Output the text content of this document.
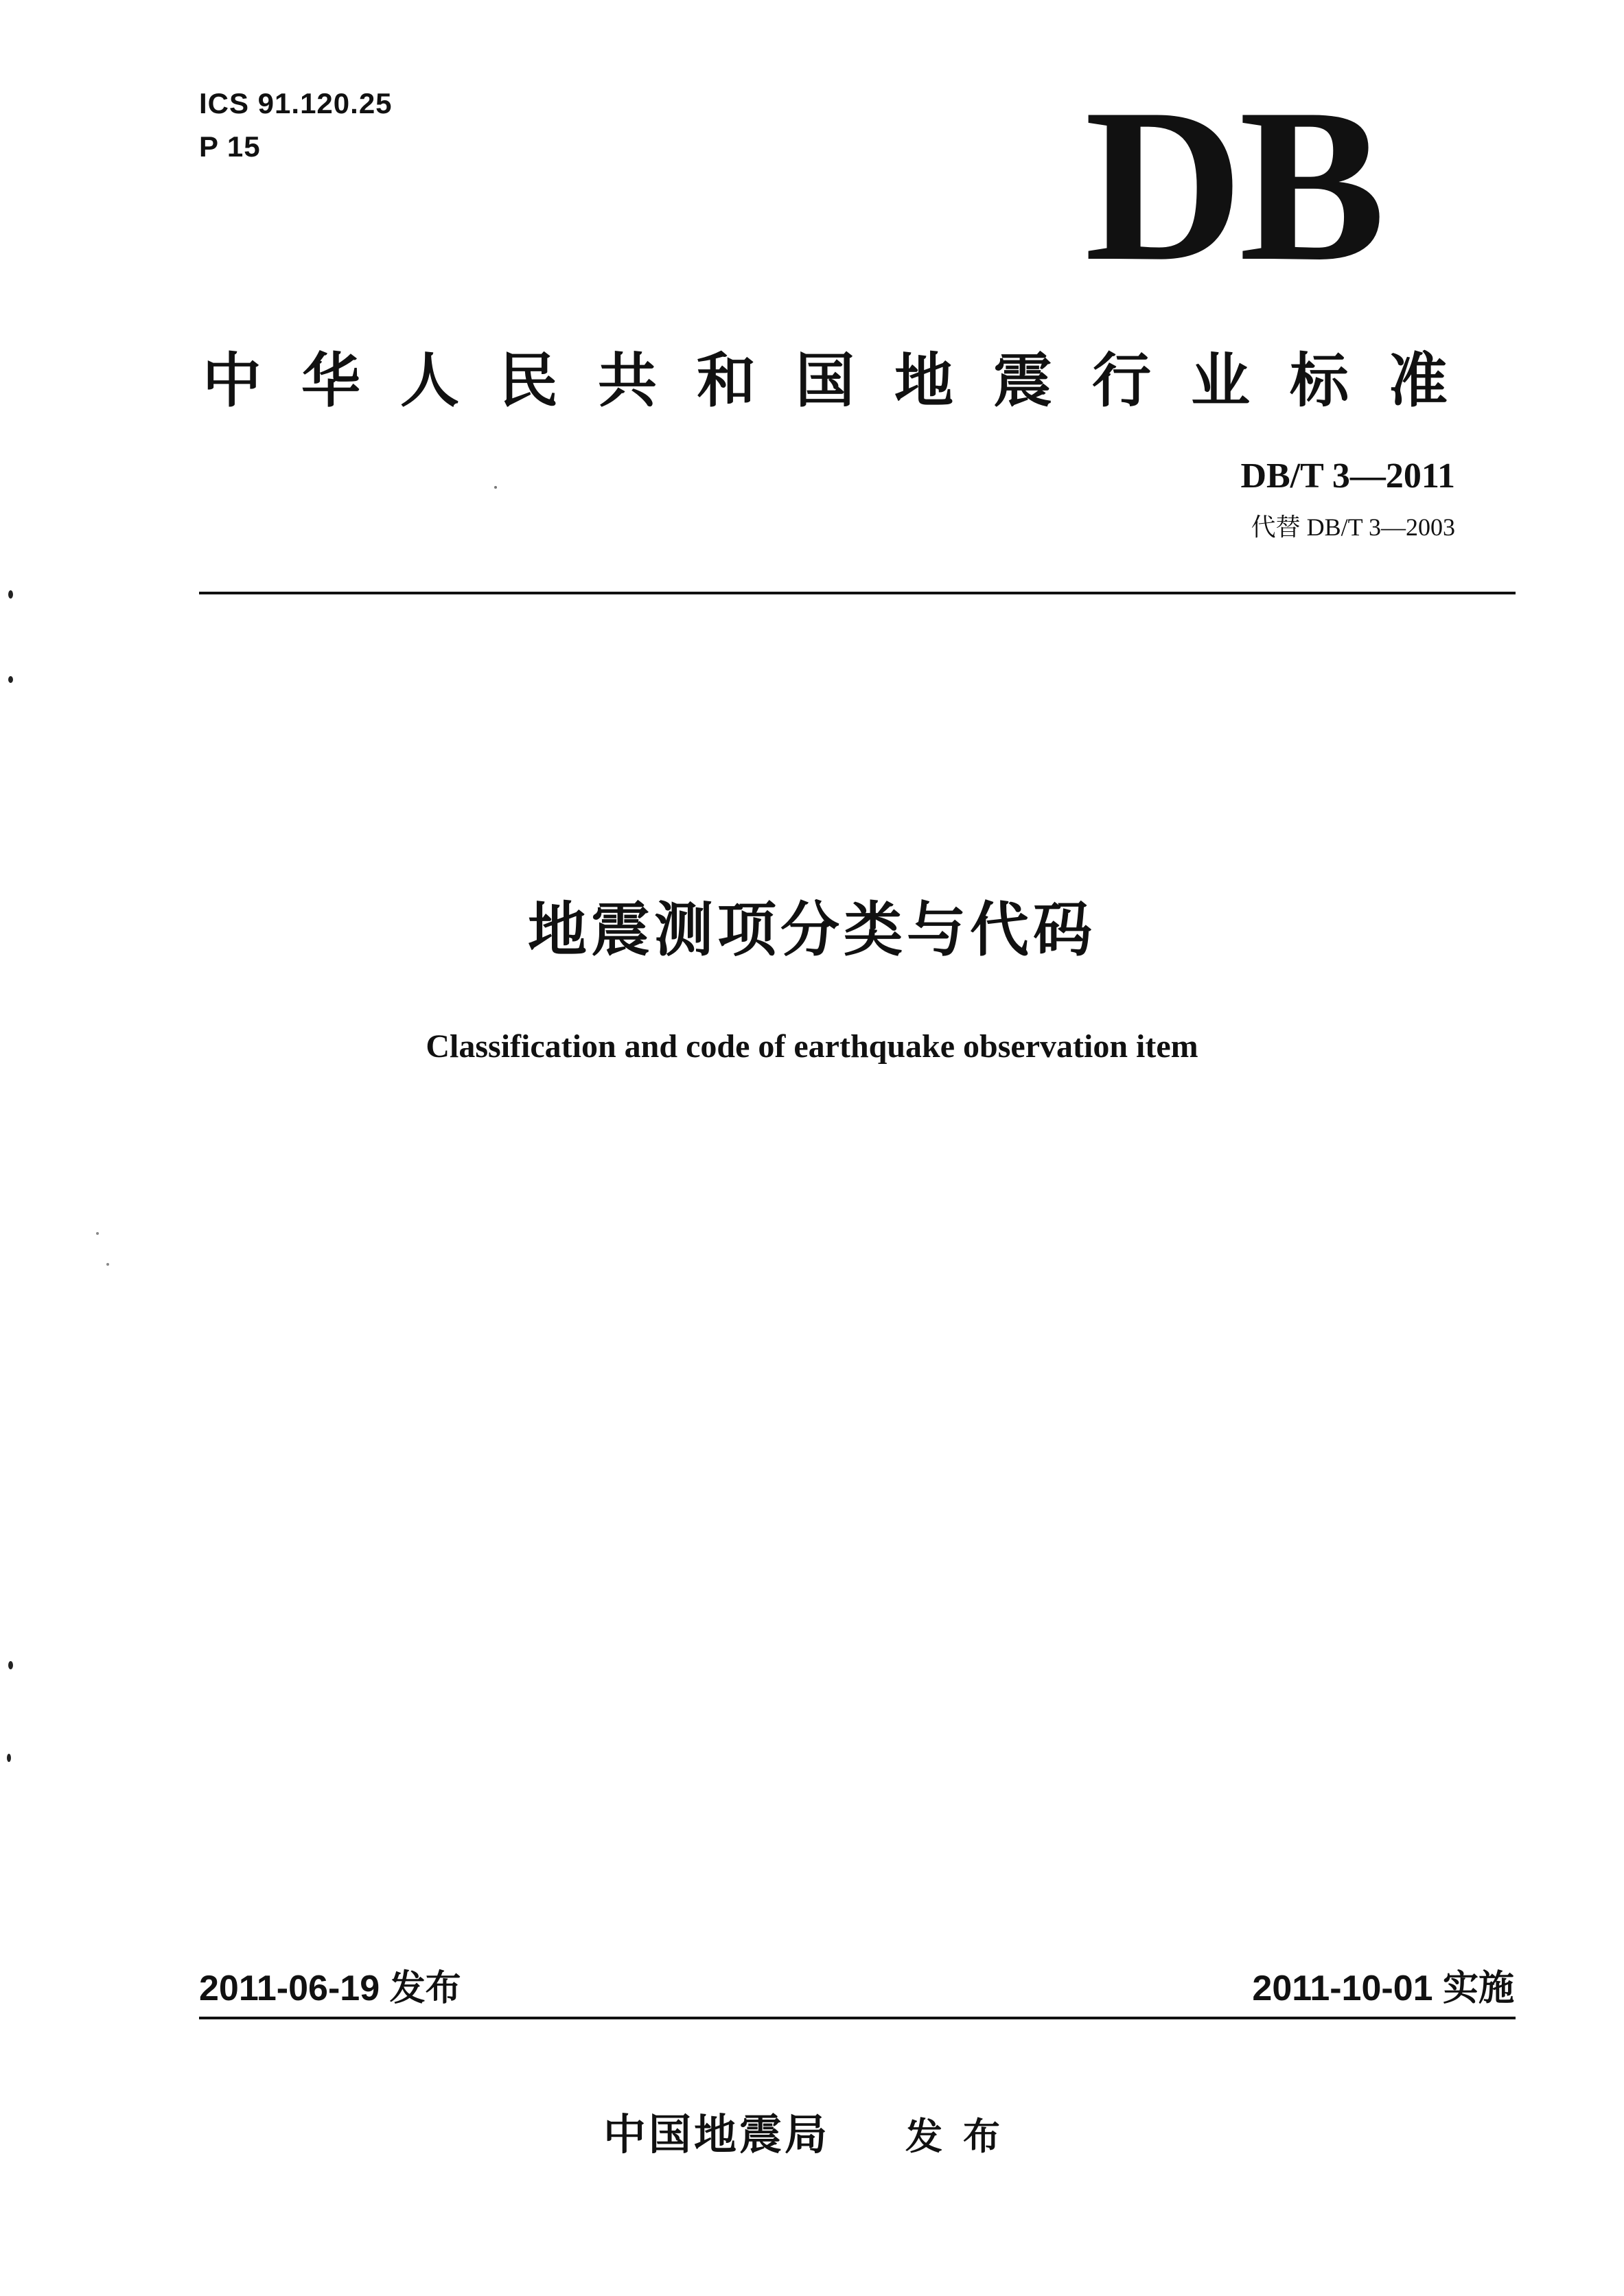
ICS 91.120.25
P 15	DB
中华人民共和国地震行业标准
DB/T 3—2011
代替 DB/T 3—2003
地震测项分类与代码
Classification and code of earthquake observation item
2011-06-19 发布	2011-10-01 实施
中国地震局 发布
